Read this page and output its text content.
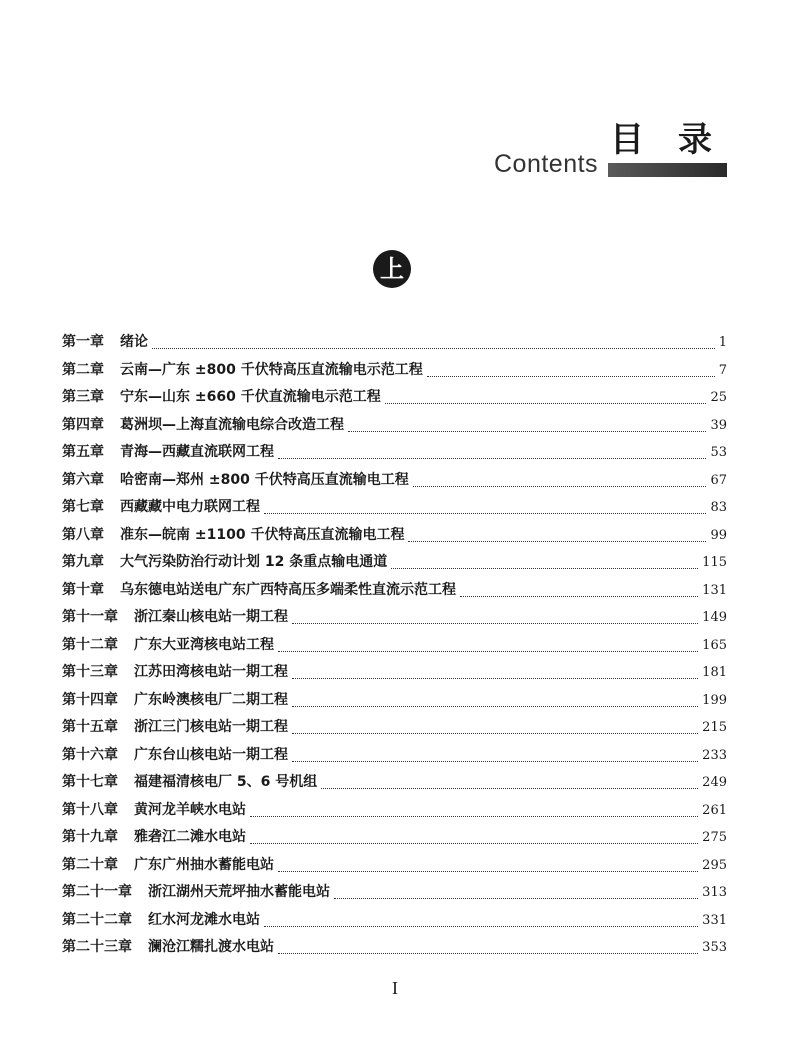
目录
Contents
上
第一章 绪论	1
第二章 云南—广东 ±800 千伏特高压直流输电示范工程	7
第三章 宁东—山东 ±660 千伏直流输电示范工程	25
第四章 葛洲坝—上海直流输电综合改造工程	39
第五章 青海—西藏直流联网工程	53
第六章 哈密南—郑州 ±800 千伏特高压直流输电工程	67
第七章 西藏藏中电力联网工程	83
第八章 准东—皖南 ±1100 千伏特高压直流输电工程	99
第九章 大气污染防治行动计划 12 条重点输电通道	115
第十章 乌东德电站送电广东广西特高压多端柔性直流示范工程	131
第十一章 浙江秦山核电站一期工程	149
第十二章 广东大亚湾核电站工程	165
第十三章 江苏田湾核电站一期工程	181
第十四章 广东岭澳核电厂二期工程	199
第十五章 浙江三门核电站一期工程	215
第十六章 广东台山核电站一期工程	233
第十七章 福建福清核电厂 5、6 号机组	249
第十八章 黄河龙羊峡水电站	261
第十九章 雅砻江二滩水电站	275
第二十章 广东广州抽水蓄能电站	295
第二十一章 浙江湖州天荒坪抽水蓄能电站	313
第二十二章 红水河龙滩水电站	331
第二十三章 澜沧江糯扎渡水电站	353
I
